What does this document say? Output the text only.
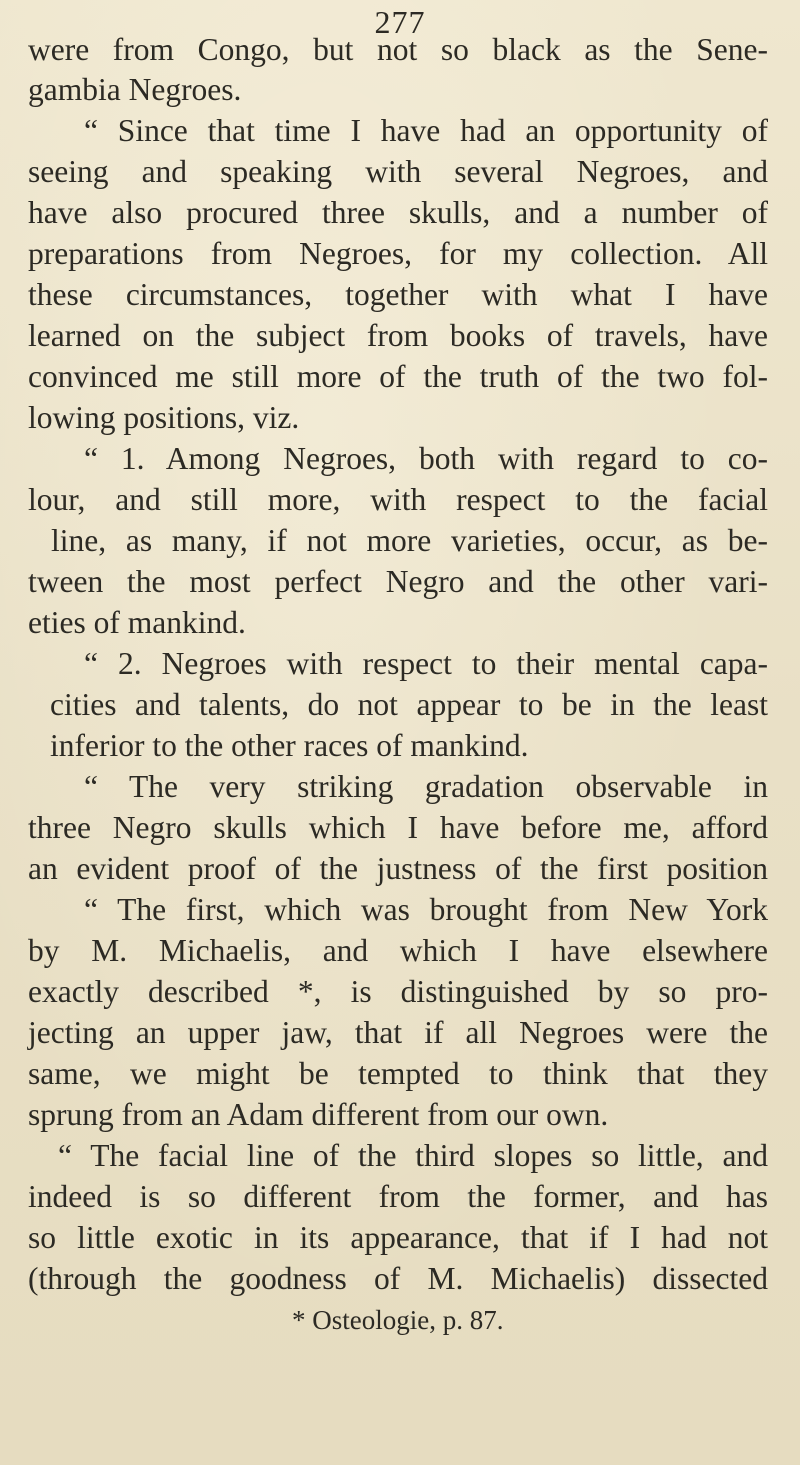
277
were from Congo, but not so black as the Sene-
gambia Negroes.
“ Since that time I have had an opportunity of
seeing and speaking with several Negroes, and
have also procured three skulls, and a number of
preparations from Negroes, for my collection. All
these circumstances, together with what I have
learned on the subject from books of travels, have
convinced me still more of the truth of the two fol-
lowing positions, viz.
“ 1. Among Negroes, both with regard to co-
lour, and still more, with respect to the facial
line, as many, if not more varieties, occur, as be-
tween the most perfect Negro and the other vari-
eties of mankind.
“ 2. Negroes with respect to their mental capa-
cities and talents, do not appear to be in the least
inferior to the other races of mankind.
“ The very striking gradation observable in
three Negro skulls which I have before me, afford
an evident proof of the justness of the first position
“ The first, which was brought from New York
by M. Michaelis, and which I have elsewhere
exactly described *, is distinguished by so pro-
jecting an upper jaw, that if all Negroes were the
same, we might be tempted to think that they
sprung from an Adam different from our own.
“ The facial line of the third slopes so little, and
indeed is so different from the former, and has
so little exotic in its appearance, that if I had not
(through the goodness of M. Michaelis) dissected
* Osteologie, p. 87.
